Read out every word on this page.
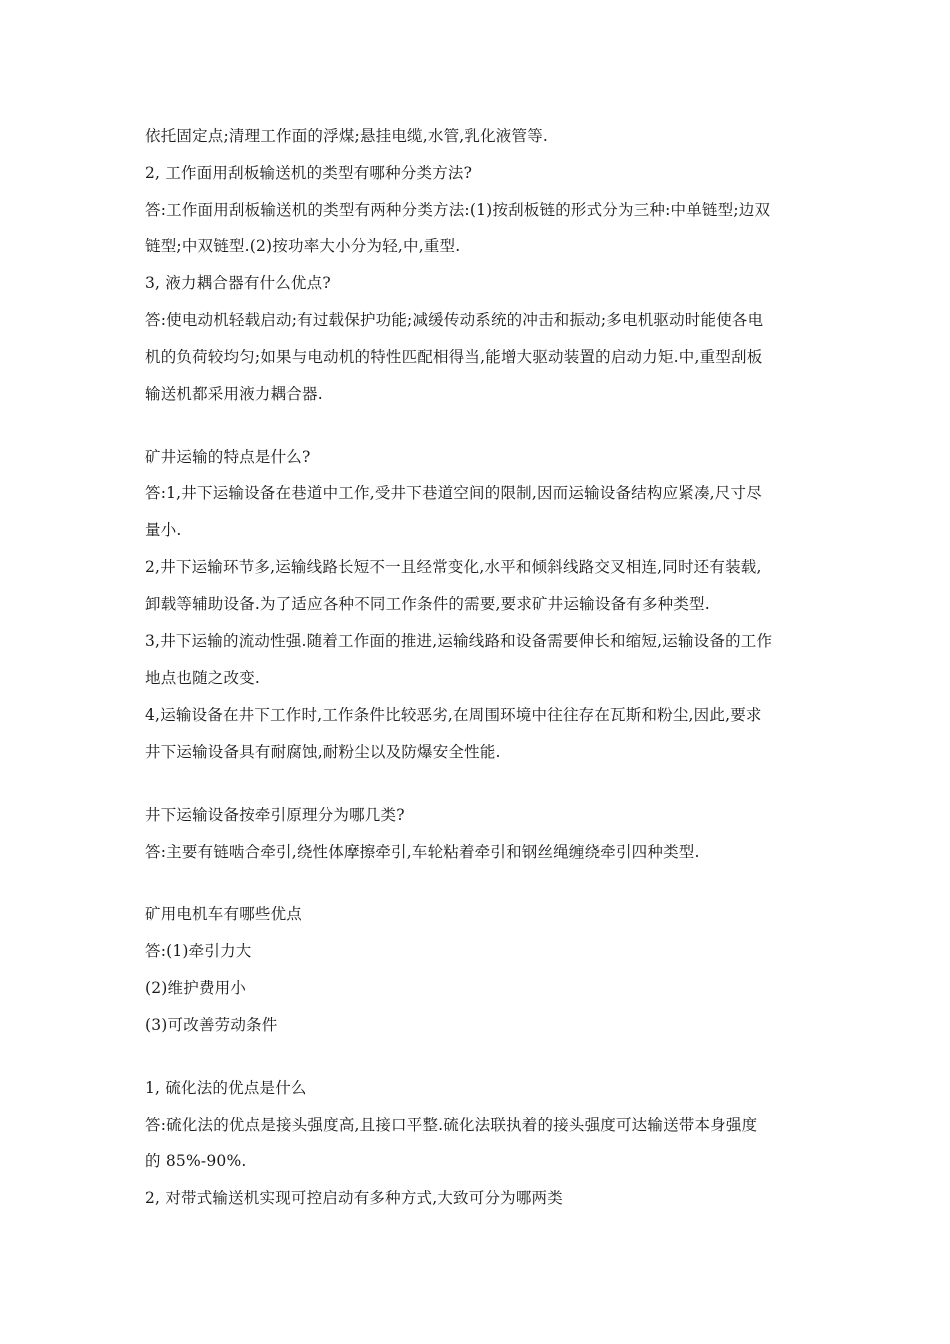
依托固定点;清理工作面的浮煤;悬挂电缆,水管,乳化液管等.
2, 工作面用刮板输送机的类型有哪种分类方法?
答:工作面用刮板输送机的类型有两种分类方法:(1)按刮板链的形式分为三种:中单链型;边双
链型;中双链型.(2)按功率大小分为轻,中,重型.
3, 液力耦合器有什么优点?
答:使电动机轻载启动;有过载保护功能;减缓传动系统的冲击和振动;多电机驱动时能使各电
机的负荷较均匀;如果与电动机的特性匹配相得当,能增大驱动装置的启动力矩.中,重型刮板
输送机都采用液力耦合器.
矿井运输的特点是什么?
答:1,井下运输设备在巷道中工作,受井下巷道空间的限制,因而运输设备结构应紧凑,尺寸尽
量小.
2,井下运输环节多,运输线路长短不一且经常变化,水平和倾斜线路交叉相连,同时还有装载,
卸载等辅助设备.为了适应各种不同工作条件的需要,要求矿井运输设备有多种类型.
3,井下运输的流动性强.随着工作面的推进,运输线路和设备需要伸长和缩短,运输设备的工作
地点也随之改变.
4,运输设备在井下工作时,工作条件比较恶劣,在周围环境中往往存在瓦斯和粉尘,因此,要求
井下运输设备具有耐腐蚀,耐粉尘以及防爆安全性能.
井下运输设备按牵引原理分为哪几类?
答:主要有链啮合牵引,绕性体摩擦牵引,车轮粘着牵引和钢丝绳缠绕牵引四种类型.
矿用电机车有哪些优点
答:(1)牵引力大
(2)维护费用小
(3)可改善劳动条件
1, 硫化法的优点是什么
答:硫化法的优点是接头强度高,且接口平整.硫化法联执着的接头强度可达输送带本身强度
的 85%-90%.
2, 对带式输送机实现可控启动有多种方式,大致可分为哪两类
